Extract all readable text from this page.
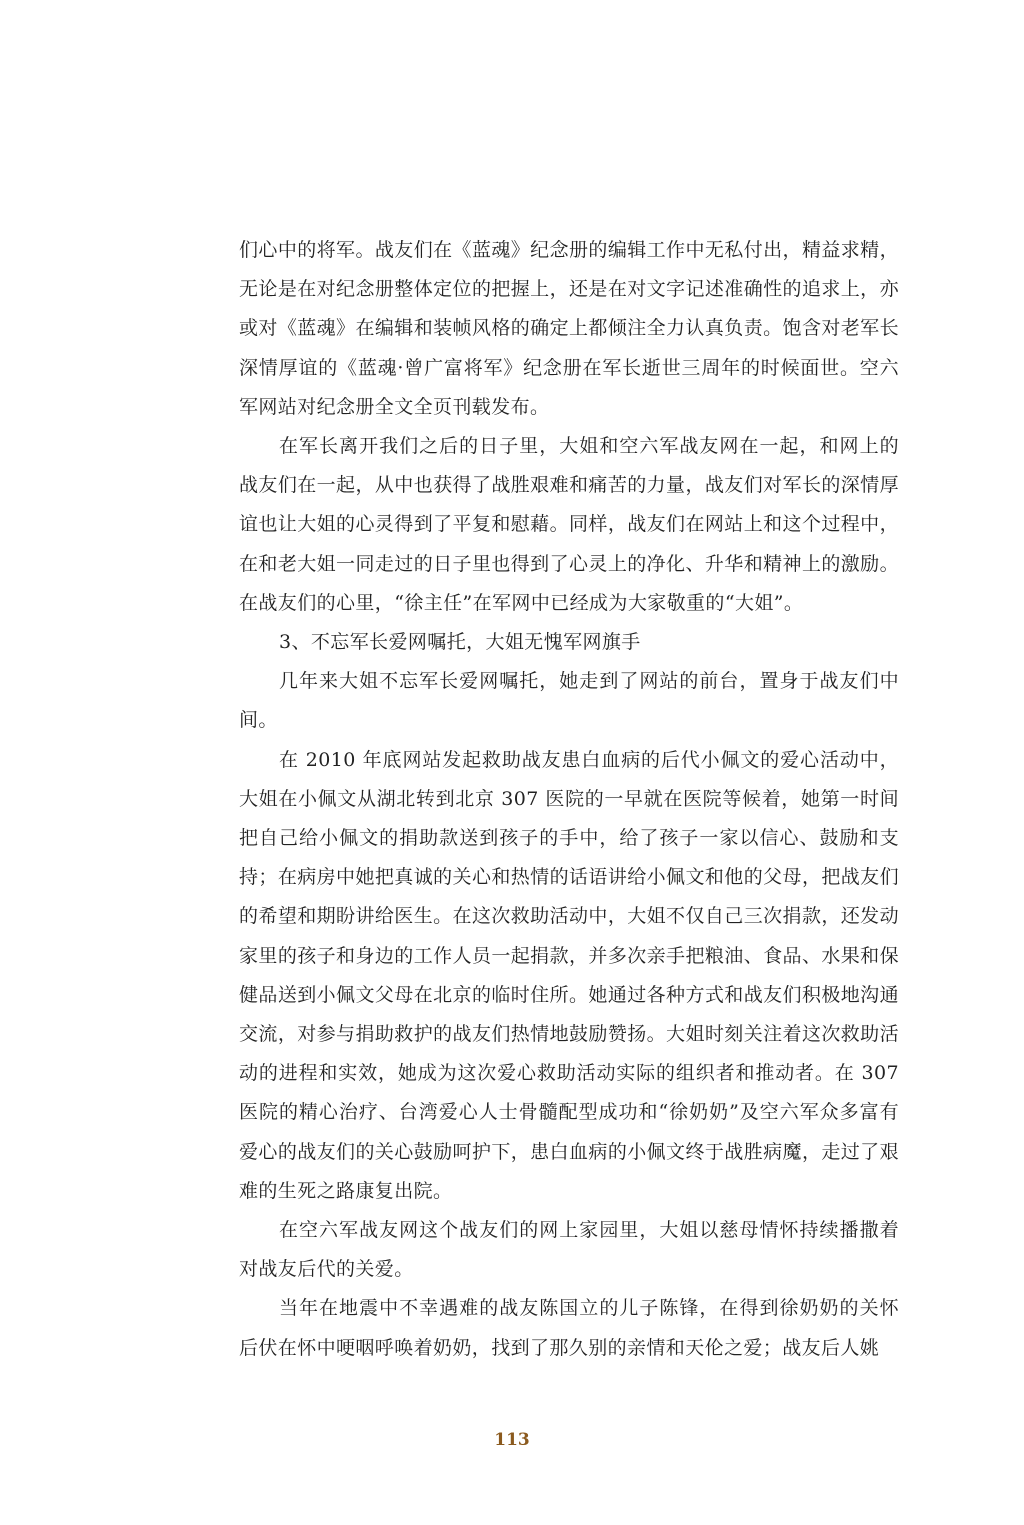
们心中的将军。战友们在《蓝魂》纪念册的编辑工作中无私付出，精益求精，无论是在对纪念册整体定位的把握上，还是在对文字记述准确性的追求上，亦或对《蓝魂》在编辑和装帧风格的确定上都倾注全力认真负责。饱含对老军长深情厚谊的《蓝魂·曾广富将军》纪念册在军长逝世三周年的时候面世。空六军网站对纪念册全文全页刊载发布。

在军长离开我们之后的日子里，大姐和空六军战友网在一起，和网上的战友们在一起，从中也获得了战胜艰难和痛苦的力量，战友们对军长的深情厚谊也让大姐的心灵得到了平复和慰藉。同样，战友们在网站上和这个过程中，在和老大姐一同走过的日子里也得到了心灵上的净化、升华和精神上的激励。在战友们的心里，“徐主任”在军网中已经成为大家敬重的“大姐”。

3、不忘军长爱网嘱托，大姐无愧军网旗手

几年来大姐不忘军长爱网嘱托，她走到了网站的前台，置身于战友们中间。

在 2010 年底网站发起救助战友患白血病的后代小佩文的爱心活动中，大姐在小佩文从湖北转到北京 307 医院的一早就在医院等候着，她第一时间把自己给小佩文的捐助款送到孩子的手中，给了孩子一家以信心、鼓励和支持；在病房中她把真诚的关心和热情的话语讲给小佩文和他的父母，把战友们的希望和期盼讲给医生。在这次救助活动中，大姐不仅自己三次捐款，还发动家里的孩子和身边的工作人员一起捐款，并多次亲手把粮油、食品、水果和保健品送到小佩文父母在北京的临时住所。她通过各种方式和战友们积极地沟通交流，对参与捐助救护的战友们热情地鼓励赞扬。大姐时刻关注着这次救助活动的进程和实效，她成为这次爱心救助活动实际的组织者和推动者。在 307 医院的精心治疗、台湾爱心人士骨髓配型成功和“徐奶奶”及空六军众多富有爱心的战友们的关心鼓励呵护下，患白血病的小佩文终于战胜病魔，走过了艰难的生死之路康复出院。

在空六军战友网这个战友们的网上家园里，大姐以慈母情怀持续播撒着对战友后代的关爱。

当年在地震中不幸遇难的战友陈国立的儿子陈锋，在得到徐奶奶的关怀后伏在怀中哽咽呼唤着奶奶，找到了那久别的亲情和天伦之爱；战友后人姚

113
